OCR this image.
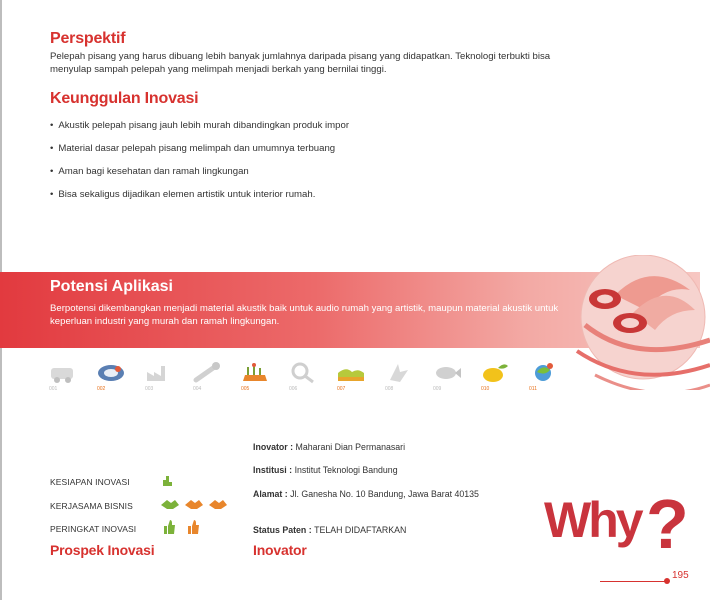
Perspektif
Pelepah pisang yang harus dibuang lebih banyak jumlahnya daripada pisang yang didapatkan. Teknologi terbukti bisa menyulap sampah pelepah yang melimpah menjadi berkah yang bernilai tinggi.
Keunggulan Inovasi
• Akustik pelepah pisang jauh lebih murah dibandingkan produk impor
• Material dasar pelepah pisang melimpah dan umumnya terbuang
• Aman bagi kesehatan dan ramah lingkungan
• Bisa sekaligus dijadikan elemen artistik untuk interior rumah.
Potensi Aplikasi
Berpotensi dikembangkan menjadi material akustik baik untuk audio rumah yang artistik, maupun material akustik untuk keperluan industri yang murah dan ramah lingkungan.
001	002	003	004	005	006	007	008	009	010	011
KESIAPAN INOVASI
KERJASAMA BISNIS
PERINGKAT INOVASI
Prospek Inovasi
Inovator : Maharani Dian Permanasari
Institusi : Institut Teknologi Bandung
Alamat : Jl. Ganesha No. 10 Bandung, Jawa Barat 40135
Status Paten : TELAH DIDAFTARKAN
Inovator
Why ?
195
